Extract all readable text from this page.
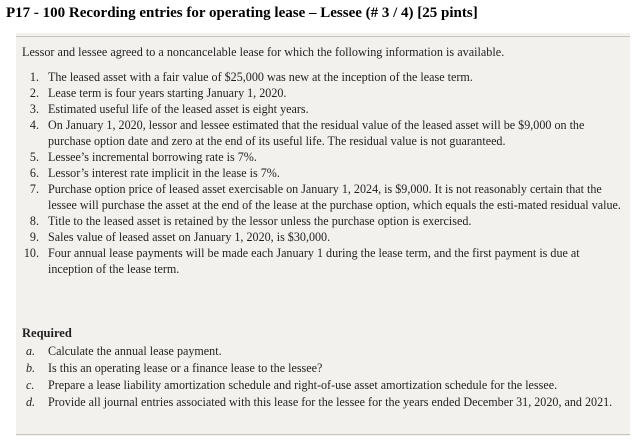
P17 - 100 Recording entries for operating lease – Lessee (# 3 / 4) [25 pints]
Lessor and lessee agreed to a noncancelable lease for which the following information is available.
1. The leased asset with a fair value of $25,000 was new at the inception of the lease term.
2. Lease term is four years starting January 1, 2020.
3. Estimated useful life of the leased asset is eight years.
4. On January 1, 2020, lessor and lessee estimated that the residual value of the leased asset will be $9,000 on the purchase option date and zero at the end of its useful life. The residual value is not guaranteed.
5. Lessee’s incremental borrowing rate is 7%.
6. Lessor’s interest rate implicit in the lease is 7%.
7. Purchase option price of leased asset exercisable on January 1, 2024, is $9,000. It is not reasonably certain that the lessee will purchase the asset at the end of the lease at the purchase option, which equals the esti-mated residual value.
8. Title to the leased asset is retained by the lessor unless the purchase option is exercised.
9. Sales value of leased asset on January 1, 2020, is $30,000.
10. Four annual lease payments will be made each January 1 during the lease term, and the first payment is due at inception of the lease term.
Required
a. Calculate the annual lease payment.
b. Is this an operating lease or a finance lease to the lessee?
c. Prepare a lease liability amortization schedule and right-of-use asset amortization schedule for the lessee.
d. Provide all journal entries associated with this lease for the lessee for the years ended December 31, 2020, and 2021.
